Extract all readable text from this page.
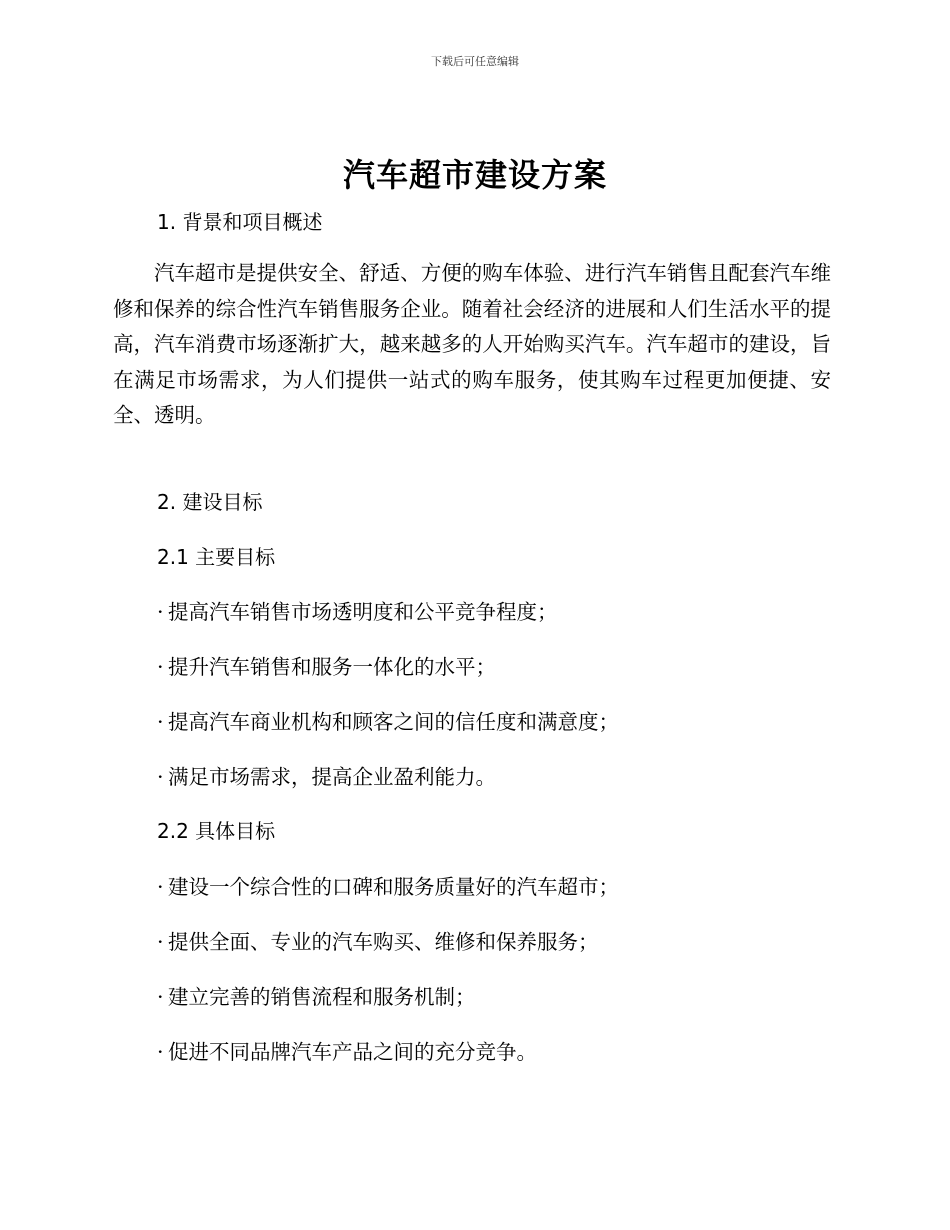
下载后可任意编辑
汽车超市建设方案
1. 背景和项目概述

汽车超市是提供安全、舒适、方便的购车体验、进行汽车销售且配套汽车维修和保养的综合性汽车销售服务企业。随着社会经济的进展和人们生活水平的提高，汽车消费市场逐渐扩大，越来越多的人开始购买汽车。汽车超市的建设，旨在满足市场需求，为人们提供一站式的购车服务，使其购车过程更加便捷、安全、透明。

2. 建设目标
2.1 主要目标

· 提高汽车销售市场透明度和公平竞争程度；

· 提升汽车销售和服务一体化的水平；

· 提高汽车商业机构和顾客之间的信任度和满意度；

· 满足市场需求，提高企业盈利能力。

2.2 具体目标

· 建设一个综合性的口碑和服务质量好的汽车超市；

· 提供全面、专业的汽车购买、维修和保养服务；

· 建立完善的销售流程和服务机制；

· 促进不同品牌汽车产品之间的充分竞争。
